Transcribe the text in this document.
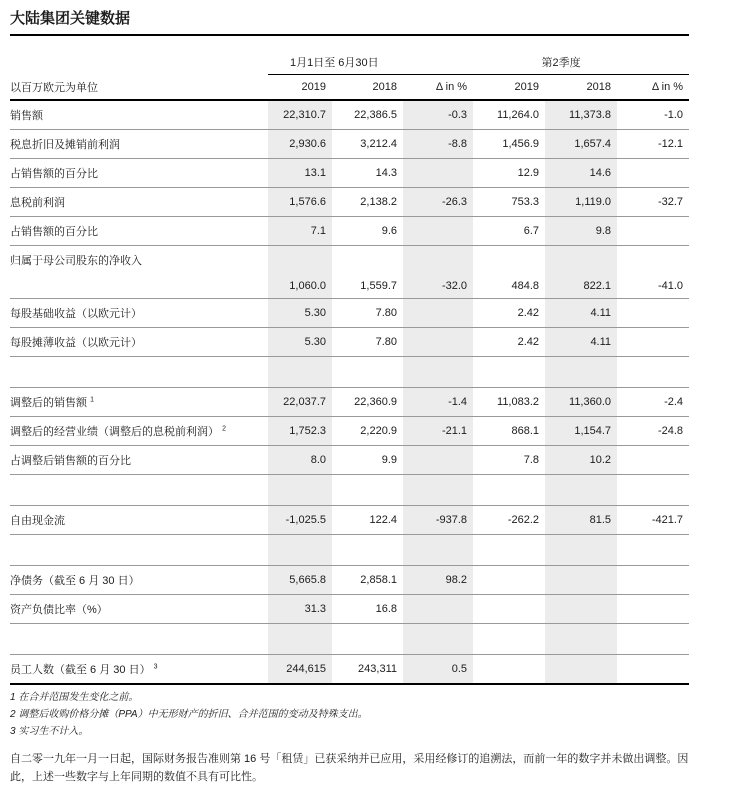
大陆集团关键数据
	1月1日至 6月30日			第2季度		
以百万欧元为单位	2019	2018	Δ in %	2019	2018	Δ in %
销售额	22,310.7	22,386.5	-0.3	11,264.0	11,373.8	-1.0
税息折旧及摊销前利润	2,930.6	3,212.4	-8.8	1,456.9	1,657.4	-12.1
占销售额的百分比	13.1	14.3		12.9	14.6	
息税前利润	1,576.6	2,138.2	-26.3	753.3	1,119.0	-32.7
占销售额的百分比	7.1	9.6		6.7	9.8	
归属于母公司股东的净收入	1,060.0	1,559.7	-32.0	484.8	822.1	-41.0
每股基础收益（以欧元计）	5.30	7.80		2.42	4.11	
每股摊薄收益（以欧元计）	5.30	7.80		2.42	4.11	

调整后的销售额 $^1$	22,037.7	22,360.9	-1.4	11,083.2	11,360.0	-2.4
调整后的经营业绩（调整后的息税前利润） $^2$	1,752.3	2,220.9	-21.1	868.1	1,154.7	-24.8
占调整后销售额的百分比	8.0	9.9		7.8	10.2	

自由现金流	-1,025.5	122.4	-937.8	-262.2	81.5	-421.7

净债务（截至 6 月 30 日）	5,665.8	2,858.1	98.2			
资产负债比率（%）	31.3	16.8				

员工人数（截至 6 月 30 日） $^3$	244,615	243,311	0.5			
1 在合并范围发生变化之前。
2 调整后收购价格分摊（PPA）中无形财产的折旧、合并范围的变动及特殊支出。
3 实习生不计入。

自二零一九年一月一日起，国际财务报告准则第 16 号「租赁」已获采纳并已应用，采用经修订的追溯法，而前一年的数字并未做出调整。因此，上述一些数字与上年同期的数值不具有可比性。
